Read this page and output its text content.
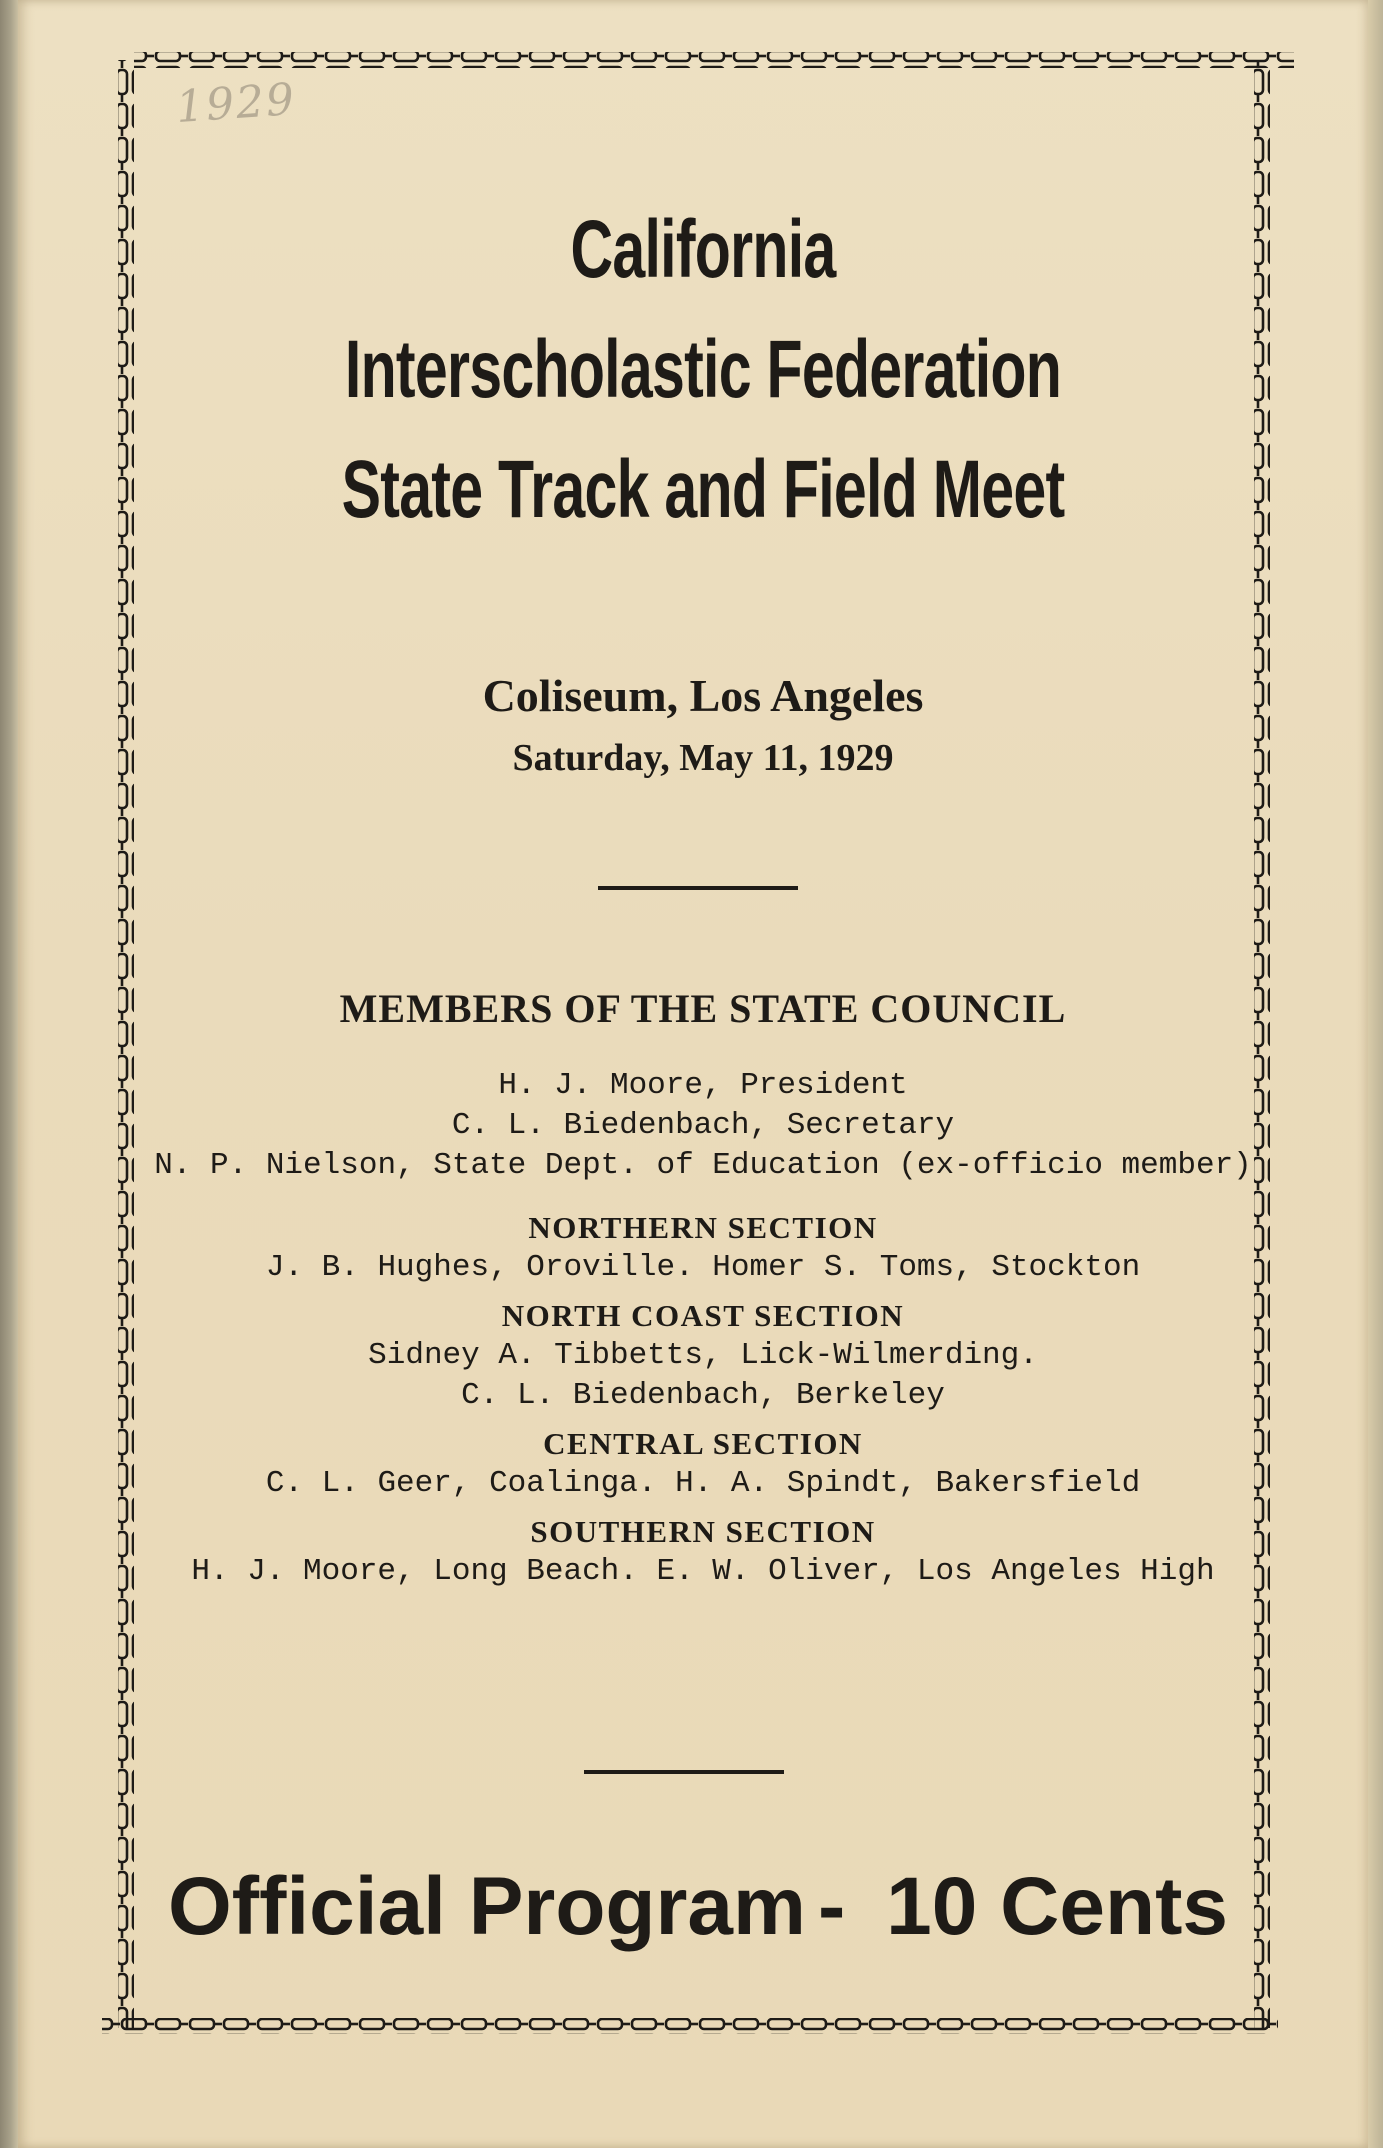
1929
California
Interscholastic Federation
State Track and Field Meet
Coliseum, Los Angeles
Saturday, May 11, 1929
MEMBERS OF THE STATE COUNCIL
H. J. Moore, President
C. L. Biedenbach, Secretary
N. P. Nielson, State Dept. of Education (ex-officio member)
NORTHERN SECTION
J. B. Hughes, Oroville. Homer S. Toms, Stockton
NORTH COAST SECTION
Sidney A. Tibbetts, Lick-Wilmerding.
C. L. Biedenbach, Berkeley
CENTRAL SECTION
C. L. Geer, Coalinga. H. A. Spindt, Bakersfield
SOUTHERN SECTION
H. J. Moore, Long Beach. E. W. Oliver, Los Angeles High
Official Program - 10 Cents
